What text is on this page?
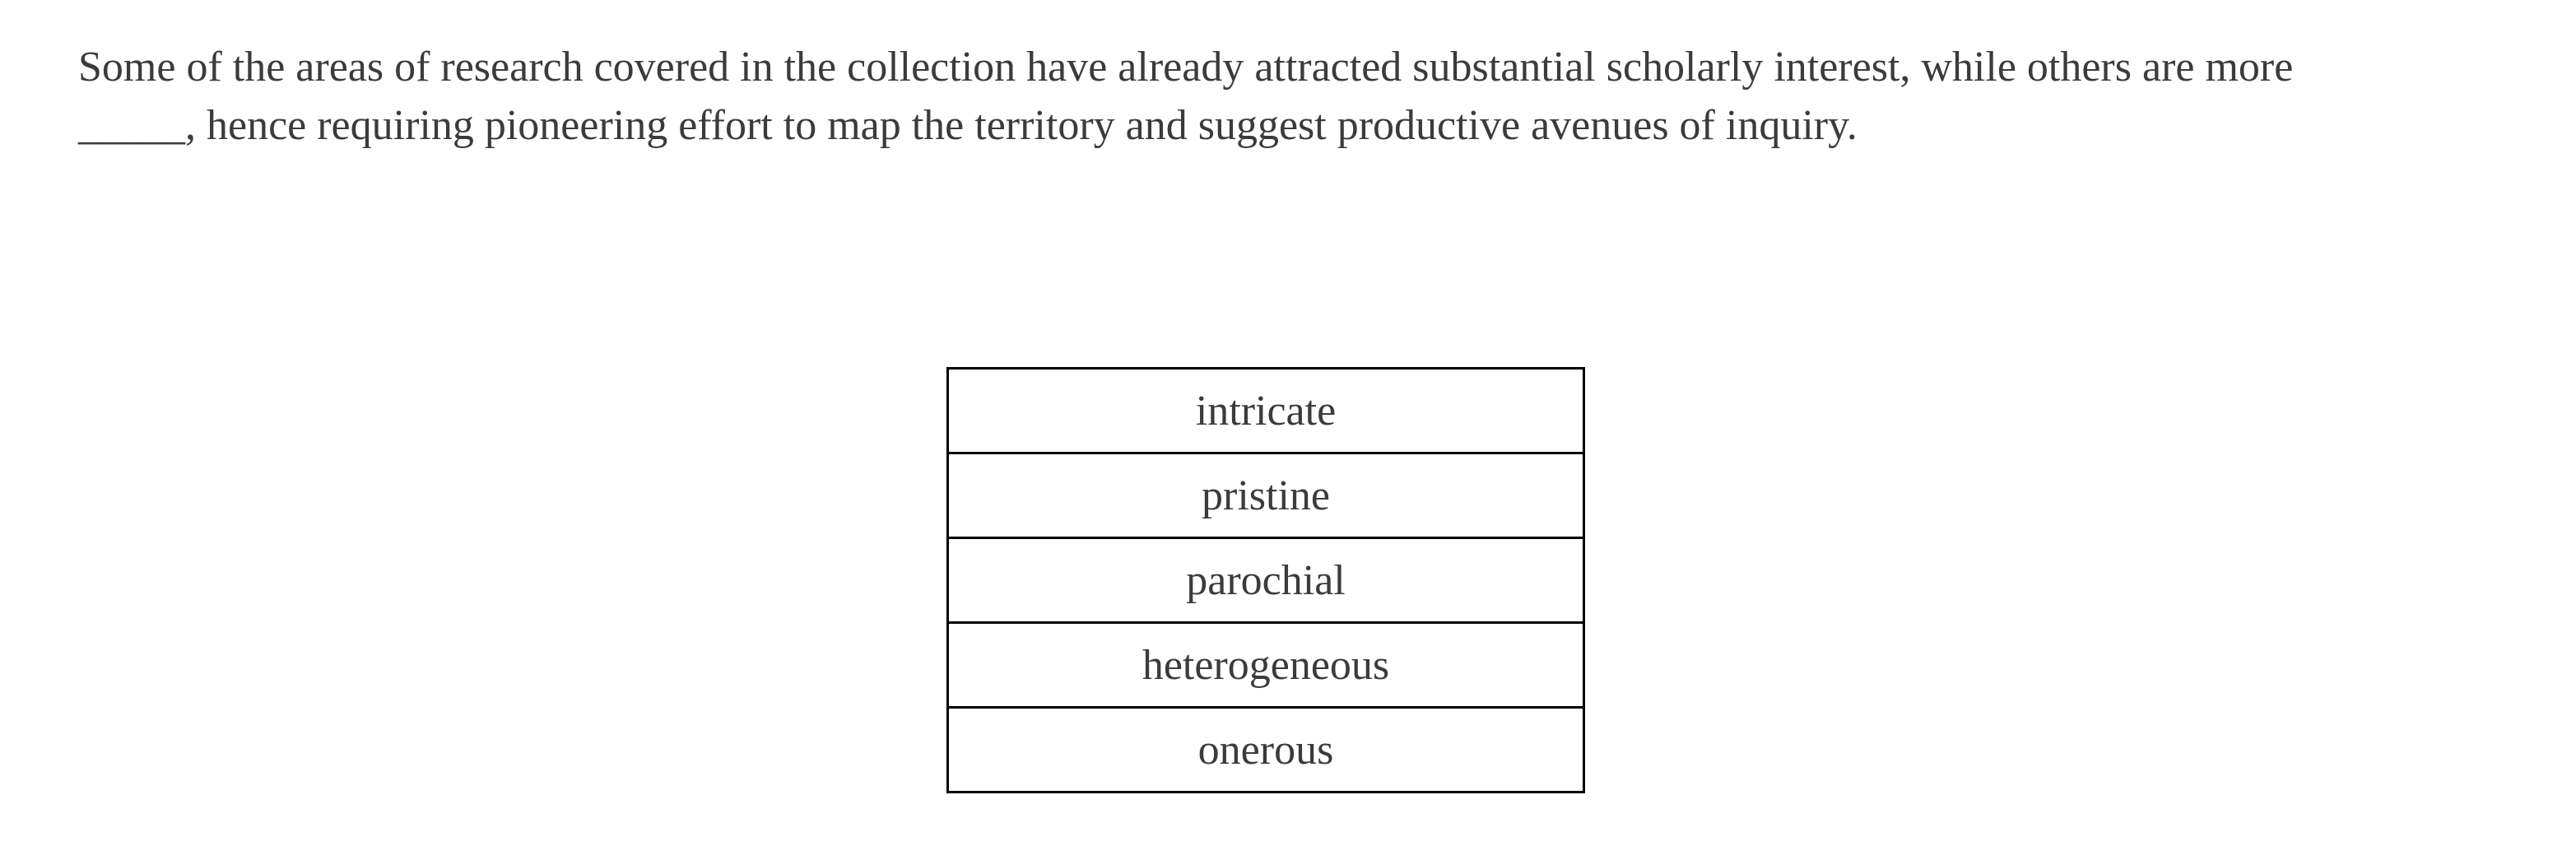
Some of the areas of research covered in the collection have already attracted substantial scholarly interest, while others are more
_____, hence requiring pioneering effort to map the territory and suggest productive avenues of inquiry.
intricate
pristine
parochial
heterogeneous
onerous
